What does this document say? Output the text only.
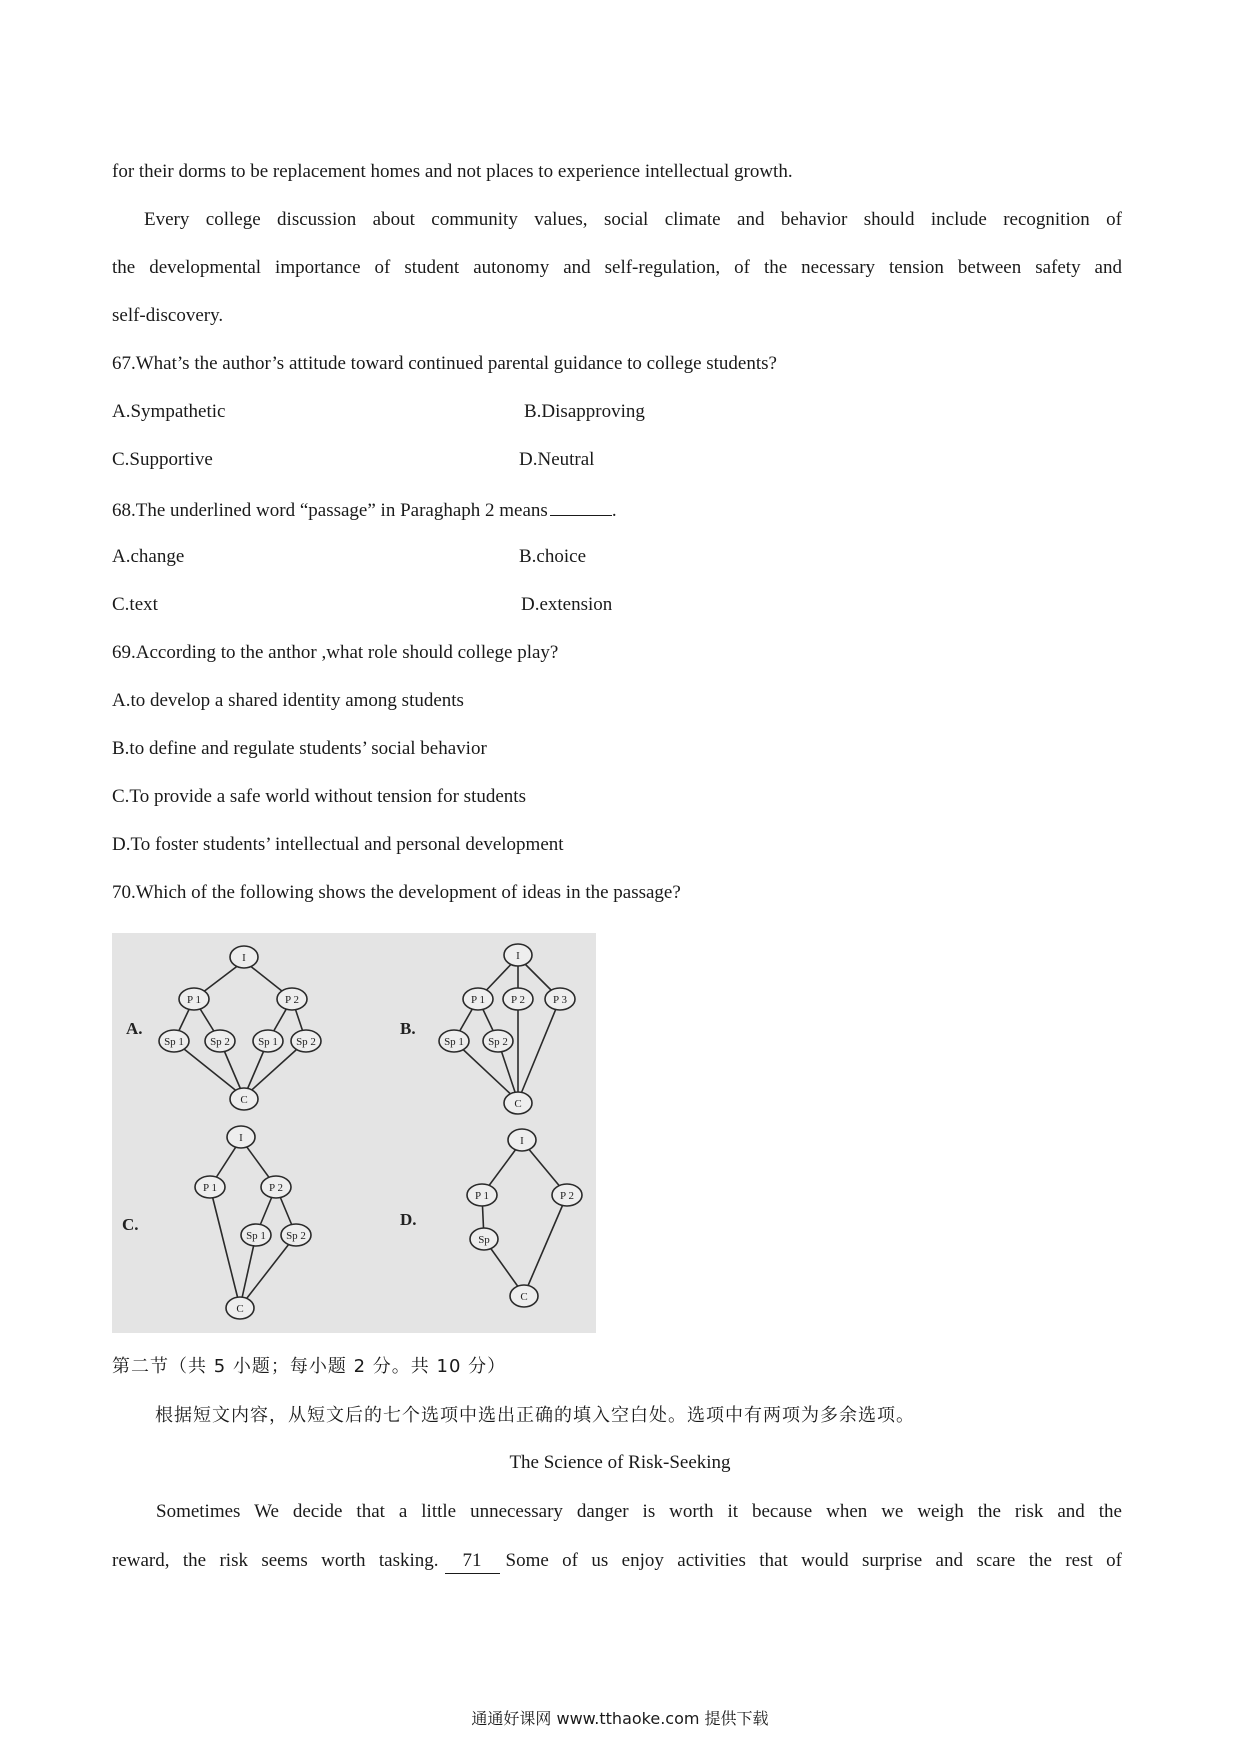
for their dorms to be replacement homes and not places to experience intellectual growth.
Every college discussion about community values, social climate and behavior should include recognition of
the developmental importance of student autonomy and self-regulation, of the necessary tension between safety and
self-discovery.
67.What’s the author’s attitude toward continued parental guidance to college students?
A.Sympathetic	B.Disapproving
C.Supportive	D.Neutral
68.The underlined word “passage” in Paraghaph 2 means	.
A.change	B.choice
C.text	D.extension
69.According to the anthor ,what role should college play?
A.to develop a shared identity among students
B.to define and regulate students’ social behavior
C.To provide a safe world without tension for students
D.To foster students’ intellectual and personal development
70.Which of the following shows the development of ideas in the passage?
I
P 1	P 2
Sp 1 Sp 2	Sp 1 Sp 2
C
A.
I
P 1 P 2	P 3
Sp 1 Sp 2
C
B.
I
P 1	P 2
Sp 1 Sp 2
C
C.
I
P 1	P 2
Sp
C
D.
第二节（共 5 小题；每小题 2 分。共 10 分）
根据短文内容，从短文后的七个选项中选出正确的填入空白处。选项中有两项为多余选项。
The Science of Risk-Seeking
Sometimes We decide that a little unnecessary danger is worth it because when we weigh the risk and the
reward, the risk seems worth tasking. 71 Some of us enjoy activities that would surprise and scare the rest of
通通好课网 www.tthaoke.com 提供下载
